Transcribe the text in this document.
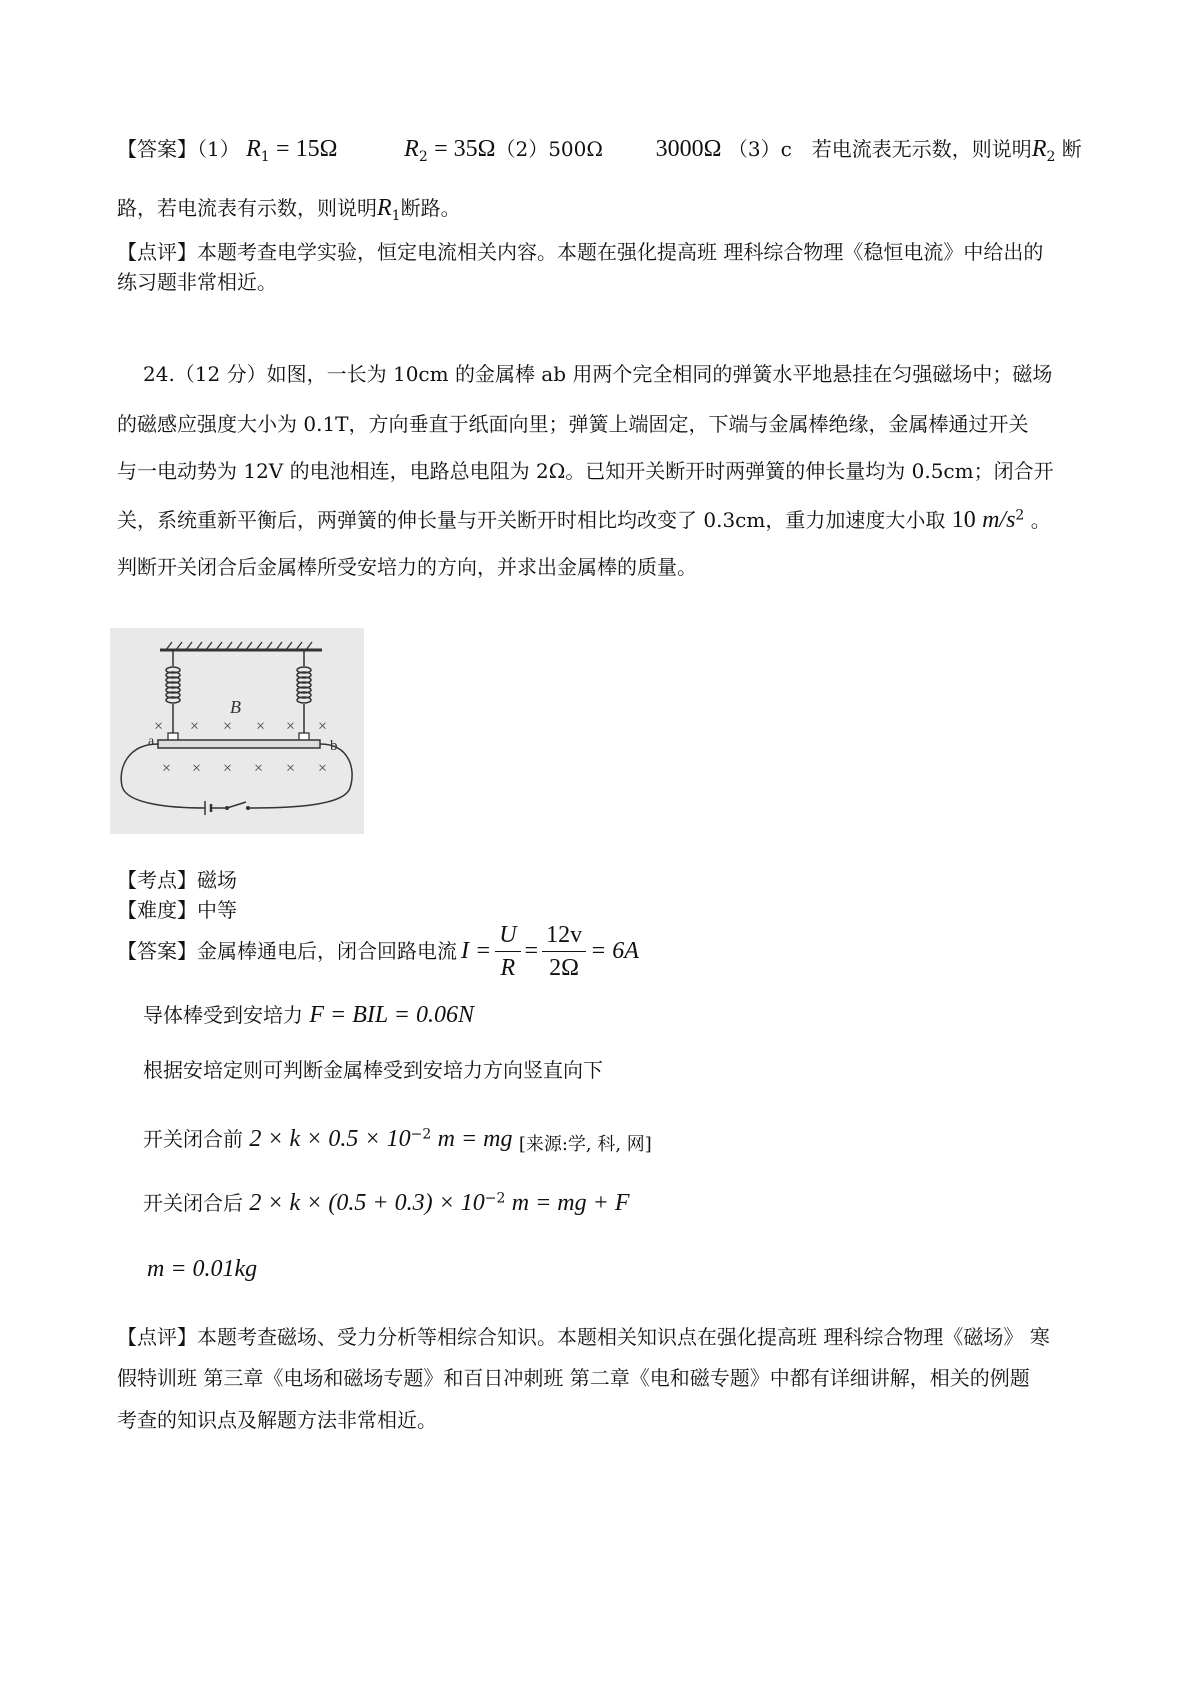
【答案】（1） $R_1 = 15\Omega$	$R_2 = 35\Omega(2)500\Omega$ 3000Ω （3）c　若电流表无示数，则说明$R_2$ 断
路，若电流表有示数，则说明$R_1$断路。
【点评】本题考查电学实验，恒定电流相关内容。本题在强化提高班 理科综合物理《稳恒电流》中给出的
练习题非常相近。
24.（12 分）如图，一长为 10cm 的金属棒 ab 用两个完全相同的弹簧水平地悬挂在匀强磁场中；磁场
的磁感应强度大小为 0.1T，方向垂直于纸面向里；弹簧上端固定，下端与金属棒绝缘，金属棒通过开关
与一电动势为 12V 的电池相连，电路总电阻为 2Ω。已知开关断开时两弹簧的伸长量均为 0.5cm；闭合开
关，系统重新平衡后，两弹簧的伸长量与开关断开时相比均改变了 0.3cm，重力加速度大小取 10 $m/s^2$ 。
判断开关闭合后金属棒所受安培力的方向，并求出金属棒的质量。
B
a	b
× × × × × ×
× × × × × ×
【考点】磁场
【难度】中等
【答案】金属棒通电后，闭合回路电流 $I = \frac{U}{R} = \frac{12v}{2\Omega} = 6A$
导体棒受到安培力 F = BIL = 0.06N
根据安培定则可判断金属棒受到安培力方向竖直向下
开关闭合前 $2 \times k \times 0.5 \times 10^{-2}$ m = mg [来源:学, 科, 网]
开关闭合后 $2 \times k \times (0.5 + 0.3) \times 10^{-2}$ m = mg + F
m = 0.01kg
【点评】本题考查磁场、受力分析等相综合知识。本题相关知识点在强化提高班 理科综合物理《磁场》 寒
假特训班 第三章《电场和磁场专题》和百日冲刺班 第二章《电和磁专题》中都有详细讲解，相关的例题
考查的知识点及解题方法非常相近。
